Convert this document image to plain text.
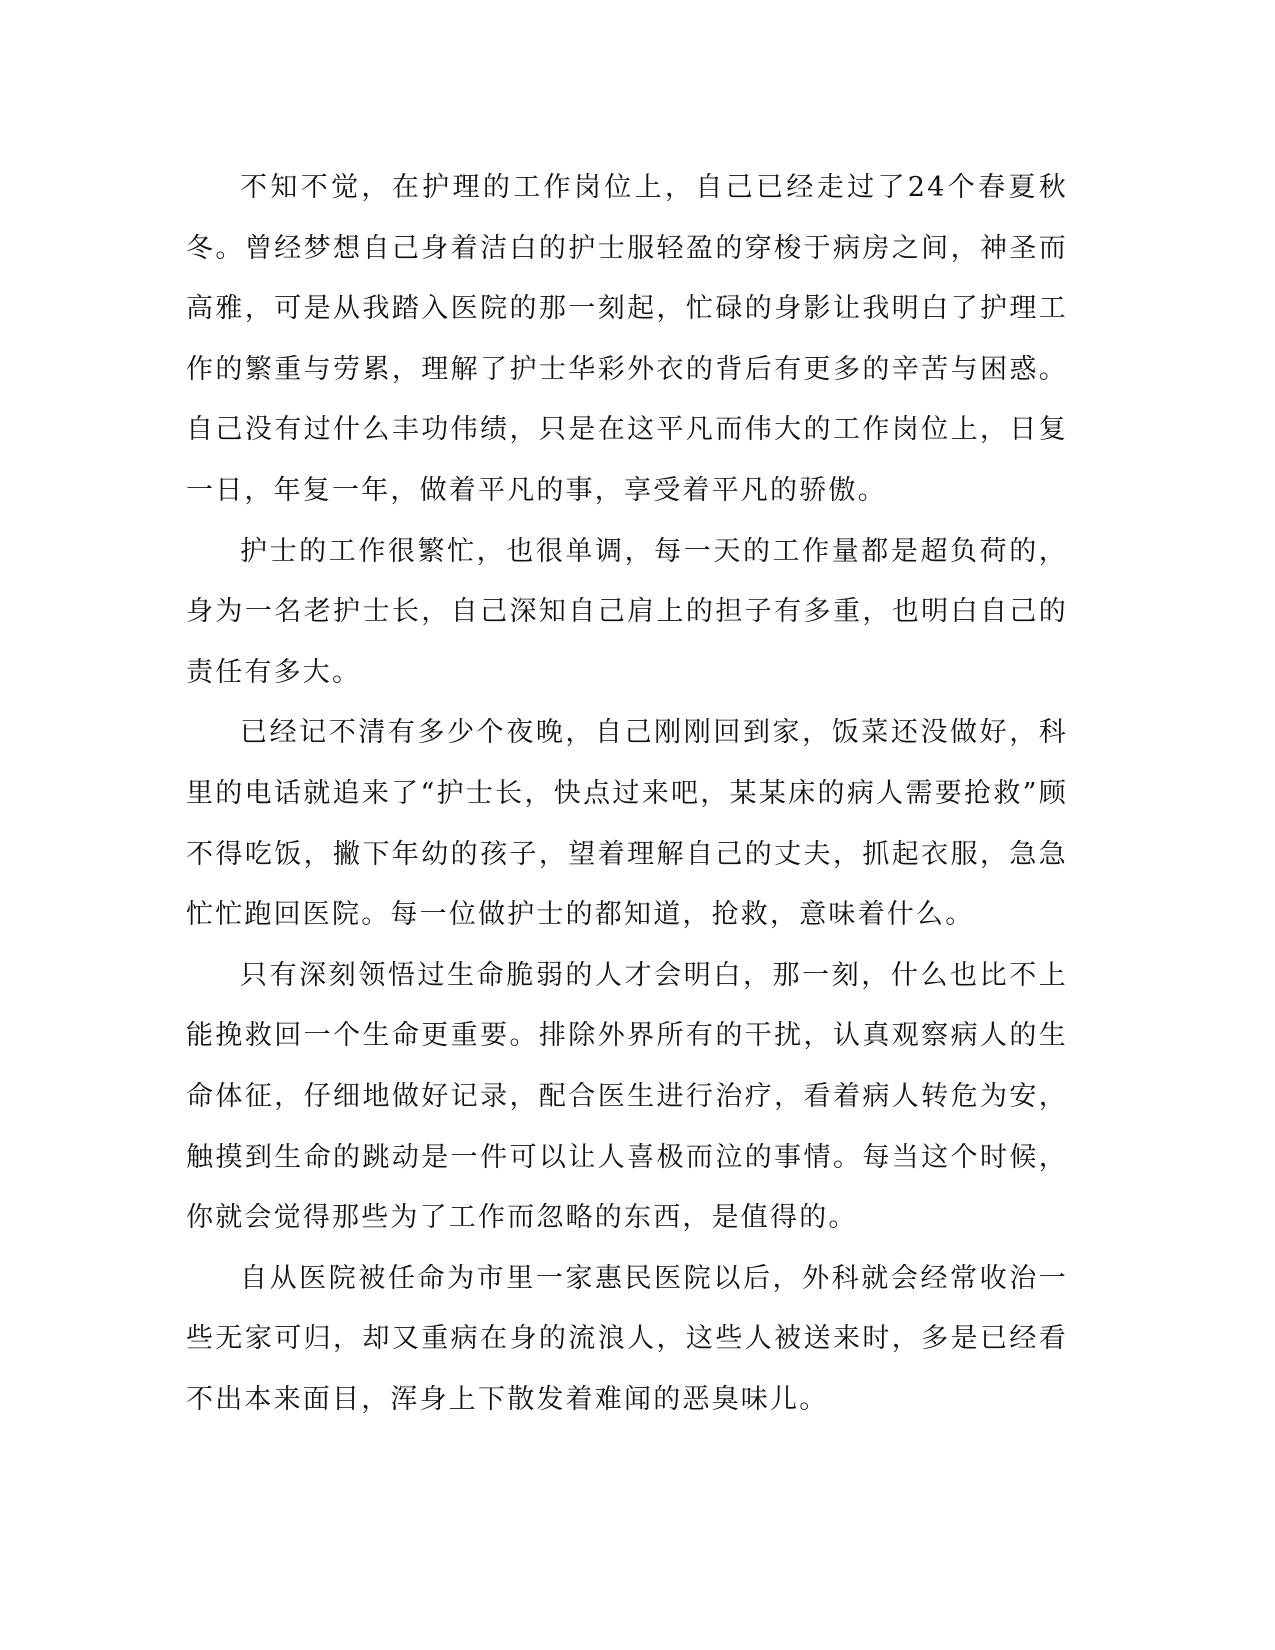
不知不觉，在护理的工作岗位上，自己已经走过了24个春夏秋冬。曾经梦想自己身着洁白的护士服轻盈的穿梭于病房之间，神圣而高雅，可是从我踏入医院的那一刻起，忙碌的身影让我明白了护理工作的繁重与劳累，理解了护士华彩外衣的背后有更多的辛苦与困惑。自己没有过什么丰功伟绩，只是在这平凡而伟大的工作岗位上，日复一日，年复一年，做着平凡的事，享受着平凡的骄傲。

护士的工作很繁忙，也很单调，每一天的工作量都是超负荷的，身为一名老护士长，自己深知自己肩上的担子有多重，也明白自己的责任有多大。

已经记不清有多少个夜晚，自己刚刚回到家，饭菜还没做好，科里的电话就追来了“护士长，快点过来吧，某某床的病人需要抢救”顾不得吃饭，撇下年幼的孩子，望着理解自己的丈夫，抓起衣服，急急忙忙跑回医院。每一位做护士的都知道，抢救，意味着什么。

只有深刻领悟过生命脆弱的人才会明白，那一刻，什么也比不上能挽救回一个生命更重要。排除外界所有的干扰，认真观察病人的生命体征，仔细地做好记录，配合医生进行治疗，看着病人转危为安，触摸到生命的跳动是一件可以让人喜极而泣的事情。每当这个时候，你就会觉得那些为了工作而忽略的东西，是值得的。

自从医院被任命为市里一家惠民医院以后，外科就会经常收治一些无家可归，却又重病在身的流浪人，这些人被送来时，多是已经看不出本来面目，浑身上下散发着难闻的恶臭味儿。
